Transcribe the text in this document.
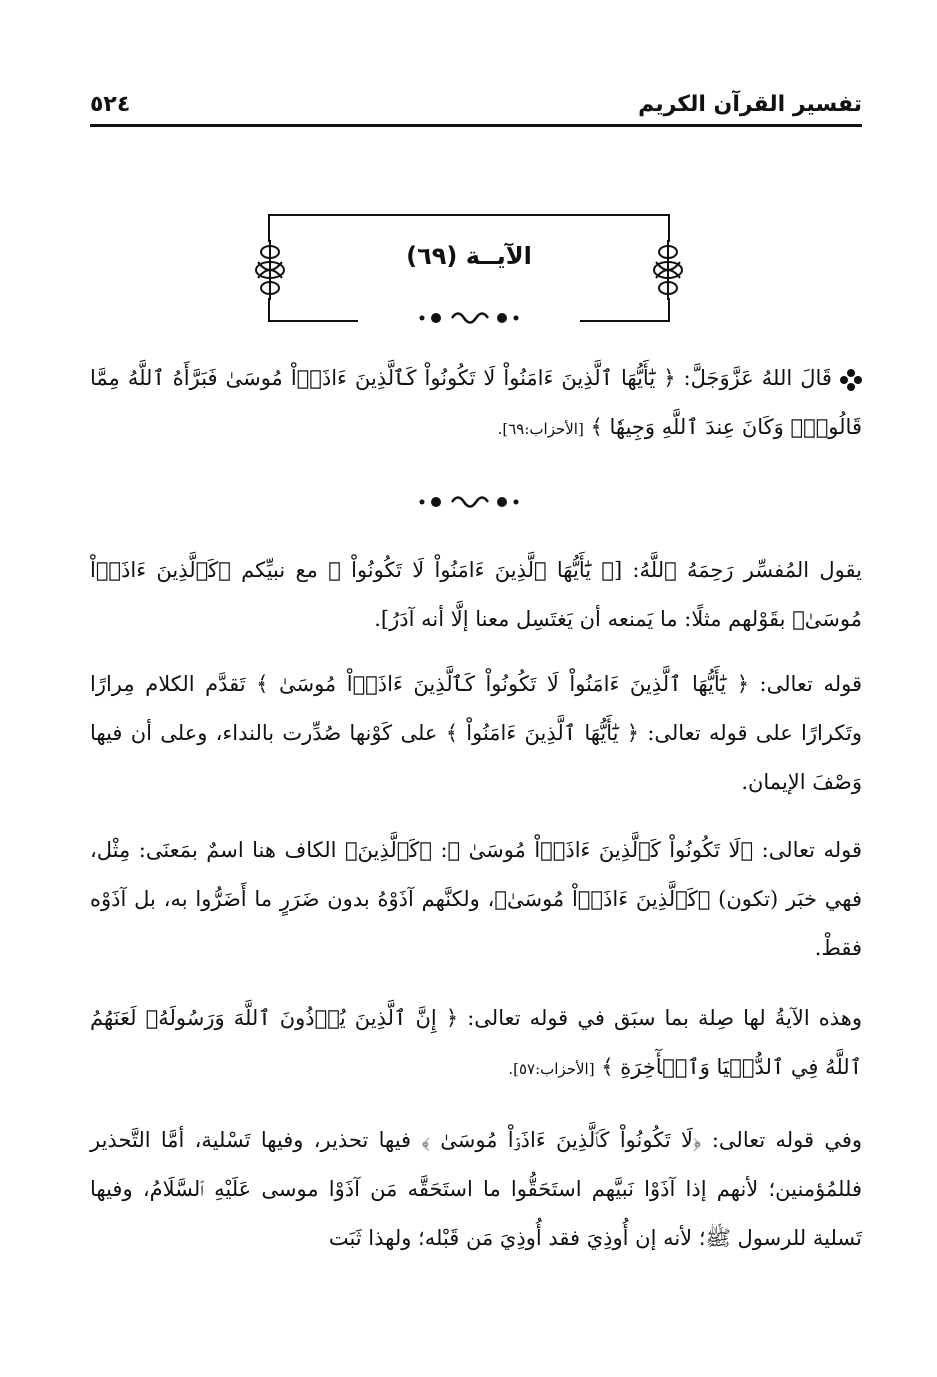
٥٢٤	تفسير القرآن الكريم
الآيــة (٦٩)
قَالَ اللهُ عَزَّوَجَلَّ: ﴿ يَٰٓأَيُّهَا ٱلَّذِينَ ءَامَنُواْ لَا تَكُونُواْ كَٱلَّذِينَ ءَاذَوۡاْ مُوسَىٰ فَبَرَّأَهُ ٱللَّهُ مِمَّا قَالُواْۚ وَكَانَ عِندَ ٱللَّهِ وَجِيهٗا ﴾ [الأحزاب:٦٩].
يقول المُفسِّر رَحِمَهُ ٱللَّهُ: [﴿ يَٰٓأَيُّهَا ٱلَّذِينَ ءَامَنُواْ لَا تَكُونُواْ ﴾ مع نبيِّكم ﴿كَٱلَّذِينَ ءَاذَوۡاْ مُوسَىٰ﴾ بقَوْلهم مثلًا: ما يَمنعه أن يَغتَسِل معنا إلَّا أنه آدَرُ].
قوله تعالى: ﴿ يَٰٓأَيُّهَا ٱلَّذِينَ ءَامَنُواْ لَا تَكُونُواْ كَٱلَّذِينَ ءَاذَوۡاْ مُوسَىٰ ﴾ تَقدَّم الكلام مِرارًا وتَكرارًا على قوله تعالى: ﴿ يَٰٓأَيُّهَا ٱلَّذِينَ ءَامَنُواْ ﴾ على كَوْنها صُدِّرت بالنداء، وعلى أن فيها وَصْفَ الإيمان.
قوله تعالى: ﴿لَا تَكُونُواْ كَٱلَّذِينَ ءَاذَوۡاْ مُوسَىٰ ﴾: ﴿كَٱلَّذِينَ﴾ الكاف هنا اسمٌ بمَعنَى: مِثْل، فهي خبَر (تكون) ﴿كَٱلَّذِينَ ءَاذَوۡاْ مُوسَىٰ﴾، ولكنَّهم آذَوْهُ بدون ضَرَرٍ ما أَضَرُّوا به، بل آذَوْه فقطْ.
وهذه الآيةُ لها صِلة بما سبَق في قوله تعالى: ﴿ إِنَّ ٱلَّذِينَ يُؤۡذُونَ ٱللَّهَ وَرَسُولَهُۥ لَعَنَهُمُ ٱللَّهُ فِي ٱلدُّنۡيَا وَٱلۡأٓخِرَةِ ﴾ [الأحزاب:٥٧].
وفي قوله تعالى: ﴿لَا تَكُونُواْ كَٱلَّذِينَ ءَاذَوۡاْ مُوسَىٰ ﴾ فيها تحذير، وفيها تَسْلية، أمَّا التَّحذير فللمُؤمنين؛ لأنهم إذا آذَوْا نَبيَّهم استَحَقُّوا ما استَحَقَّه مَن آذَوْا موسى عَلَيْهِ ٱلسَّلَامُ، وفيها تَسلية للرسول ﷺ؛ لأنه إن أُوذِيَ فقد أُوذِيَ مَن قَبْله؛ ولهذا ثَبَت
